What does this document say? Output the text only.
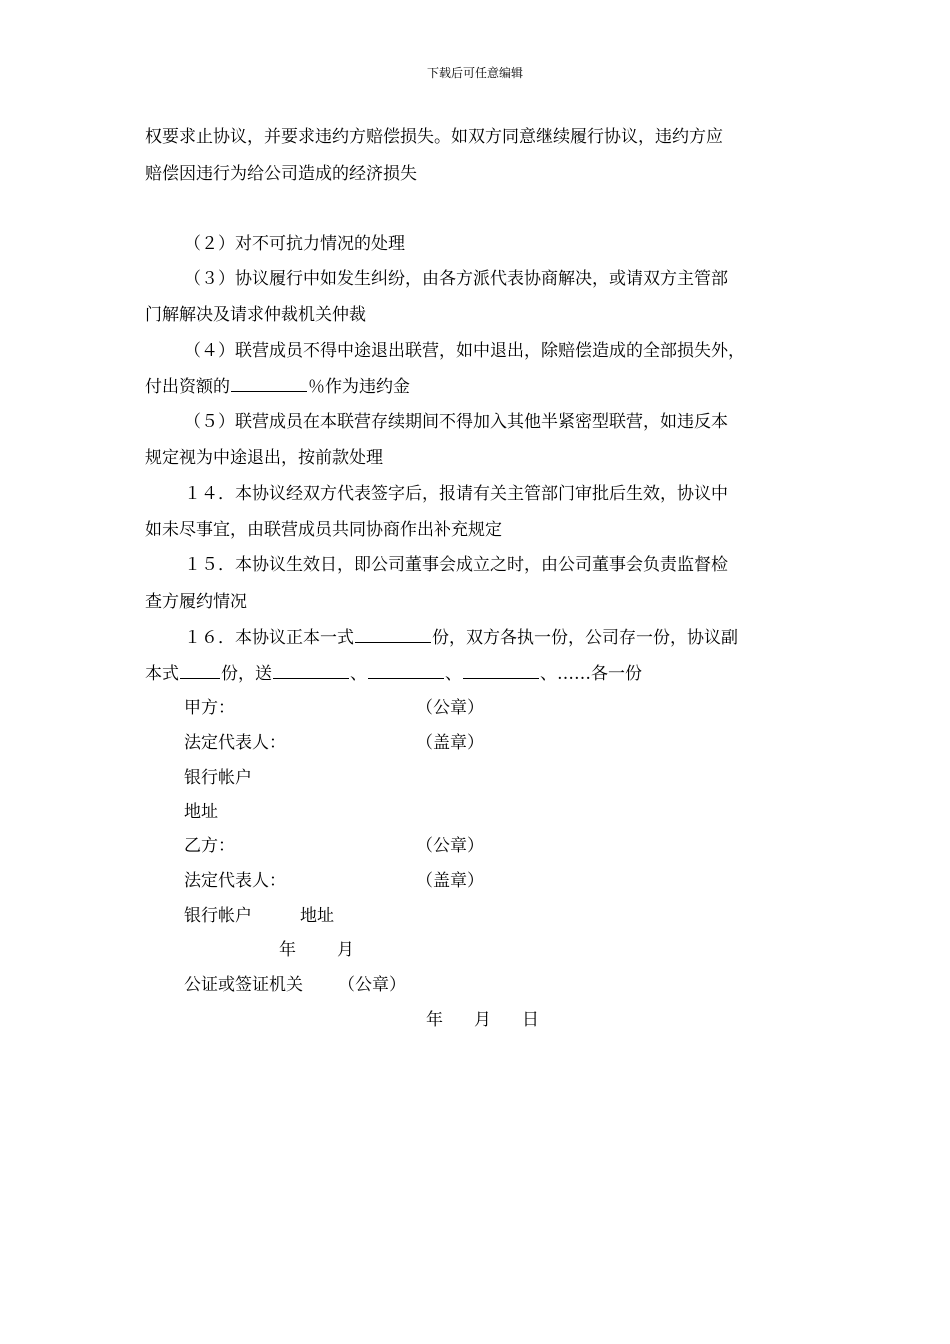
下载后可任意编辑
权要求止协议，并要求违约方赔偿损失。如双方同意继续履行协议，违约方应
赔偿因违行为给公司造成的经济损失
（２）对不可抗力情况的处理
（３）协议履行中如发生纠纷，由各方派代表协商解决，或请双方主管部
门解解决及请求仲裁机关仲裁
（４）联营成员不得中途退出联营，如中退出，除赔偿造成的全部损失外，
付出资额的	％作为违约金
（５）联营成员在本联营存续期间不得加入其他半紧密型联营，如违反本
规定视为中途退出，按前款处理
１４．本协议经双方代表签字后，报请有关主管部门审批后生效，协议中
如未尽事宜，由联营成员共同协商作出补充规定
１５．本协议生效日，即公司董事会成立之时，由公司董事会负责监督检
查方履约情况
１６．本协议正本一式	份，双方各执一份，公司存一份，协议副
本式 份，送	、	、	、……各一份
甲方：	（公章）
法定代表人：	（盖章）
银行帐户
地址
乙方：	（公章）
法定代表人：	（盖章）
银行帐户	地址
年 月
公证或签证机关 （公章）
年 月 日
